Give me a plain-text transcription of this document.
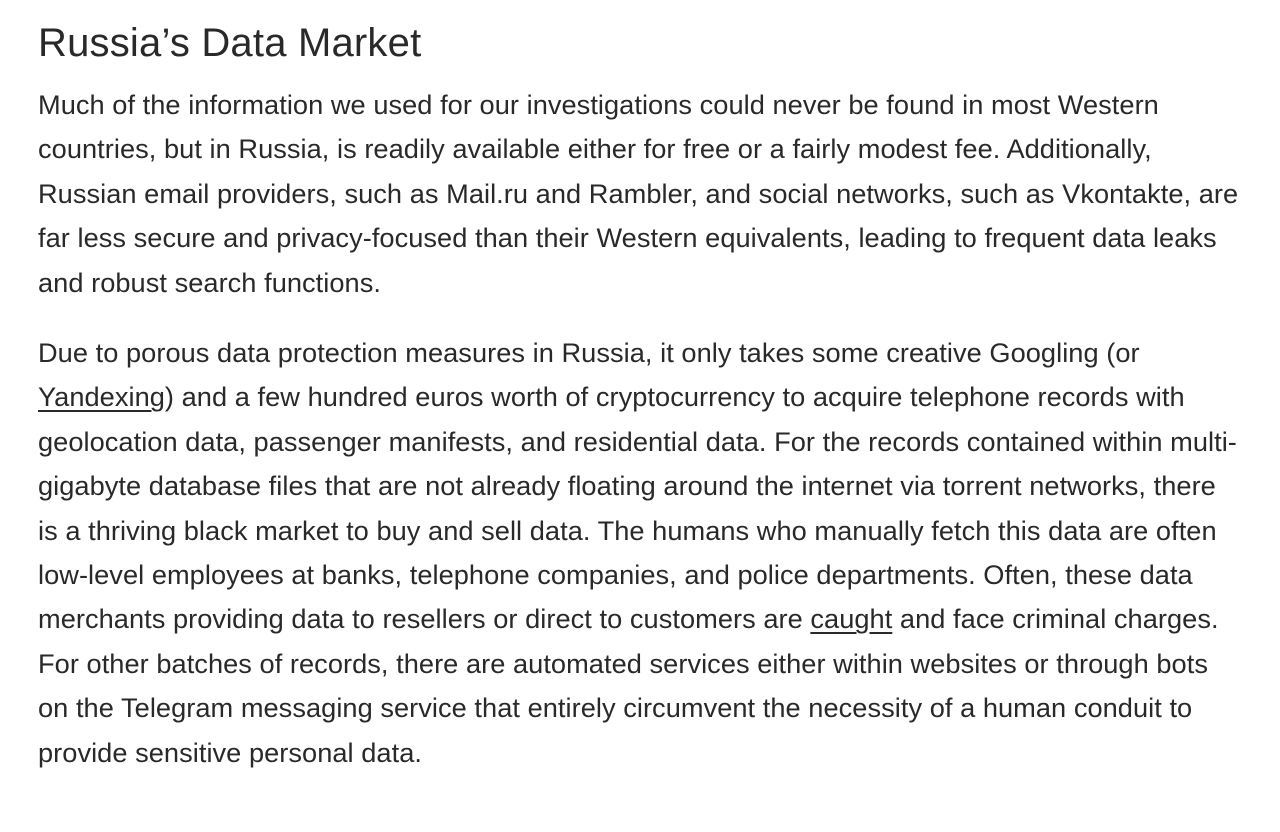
Russia’s Data Market

Much of the information we used for our investigations could never be found in most Western countries, but in Russia, is readily available either for free or a fairly modest fee. Additionally, Russian email providers, such as Mail.ru and Rambler, and social networks, such as Vkontakte, are far less secure and privacy-focused than their Western equivalents, leading to frequent data leaks and robust search functions.

Due to porous data protection measures in Russia, it only takes some creative Googling (or Yandexing) and a few hundred euros worth of cryptocurrency to acquire telephone records with geolocation data, passenger manifests, and residential data. For the records contained within multi-gigabyte database files that are not already floating around the internet via torrent networks, there is a thriving black market to buy and sell data. The humans who manually fetch this data are often low-level employees at banks, telephone companies, and police departments. Often, these data merchants providing data to resellers or direct to customers are caught and face criminal charges. For other batches of records, there are automated services either within websites or through bots on the Telegram messaging service that entirely circumvent the necessity of a human conduit to provide sensitive personal data.
